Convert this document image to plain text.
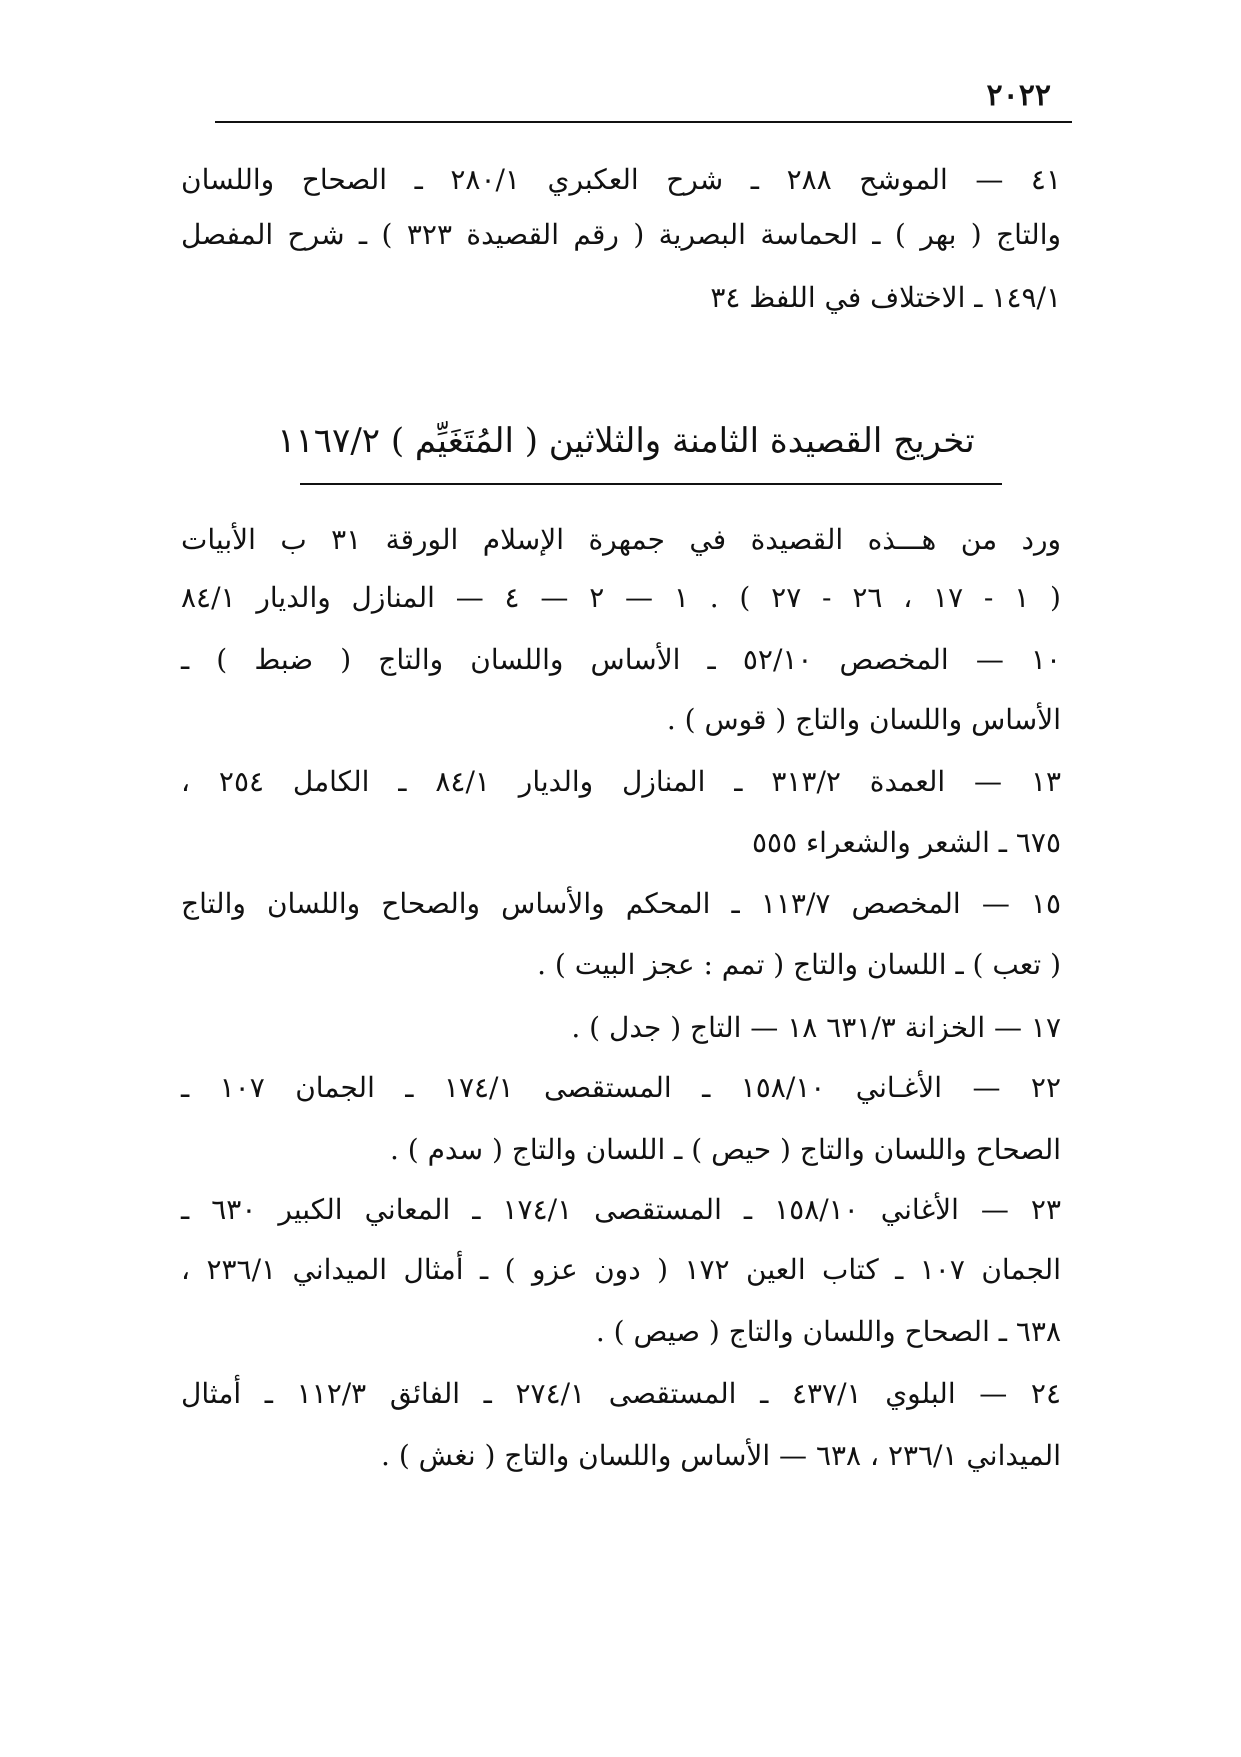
٢٠٢٢
٤١ — الموشح ٢٨٨ ـ شرح العكبري ٢٨٠/١ ـ الصحاح واللسان
والتاج ( بهر ) ـ الحماسة البصرية ( رقم القصيدة ٣٢٣ ) ـ شرح المفصل
١٤٩/١ ـ الاختلاف في اللفظ ٣٤
تخريج القصيدة الثامنة والثلاثين ( المُتَغَيِّم ) ١١٦٧/٢
ورد من هـــذه القصيدة في جمهرة الإسلام الورقة ٣١ ب الأبيات
( ١ - ١٧ ، ٢٦ - ٢٧ ) . ١ — ٢ — ٤ — المنازل والديار ٨٤/١
١٠ — المخصص ٥٢/١٠ ـ الأساس واللسان والتاج ( ضبط ) ـ
الأساس واللسان والتاج ( قوس ) .
١٣ — العمدة ٣١٣/٢ ـ المنازل والديار ٨٤/١ ـ الكامل ٢٥٤ ،
٦٧٥ ـ الشعر والشعراء ٥٥٥
١٥ — المخصص ١١٣/٧ ـ المحكم والأساس والصحاح واللسان والتاج
( تعب ) ـ اللسان والتاج ( تمم : عجز البيت ) .
١٧ — الخزانة ٦٣١/٣ ١٨ — التاج ( جدل ) .
٢٢ — الأغـاني ١٥٨/١٠ ـ المستقصى ١٧٤/١ ـ الجمان ١٠٧ ـ
الصحاح واللسان والتاج ( حيص ) ـ اللسان والتاج ( سدم ) .
٢٣ — الأغاني ١٥٨/١٠ ـ المستقصى ١٧٤/١ ـ المعاني الكبير ٦٣٠ ـ
الجمان ١٠٧ ـ كتاب العين ١٧٢ ( دون عزو ) ـ أمثال الميداني ٢٣٦/١ ،
٦٣٨ ـ الصحاح واللسان والتاج ( صيص ) .
٢٤ — البلوي ٤٣٧/١ ـ المستقصى ٢٧٤/١ ـ الفائق ١١٢/٣ ـ أمثال
الميداني ٢٣٦/١ ، ٦٣٨ — الأساس واللسان والتاج ( نغش ) .
